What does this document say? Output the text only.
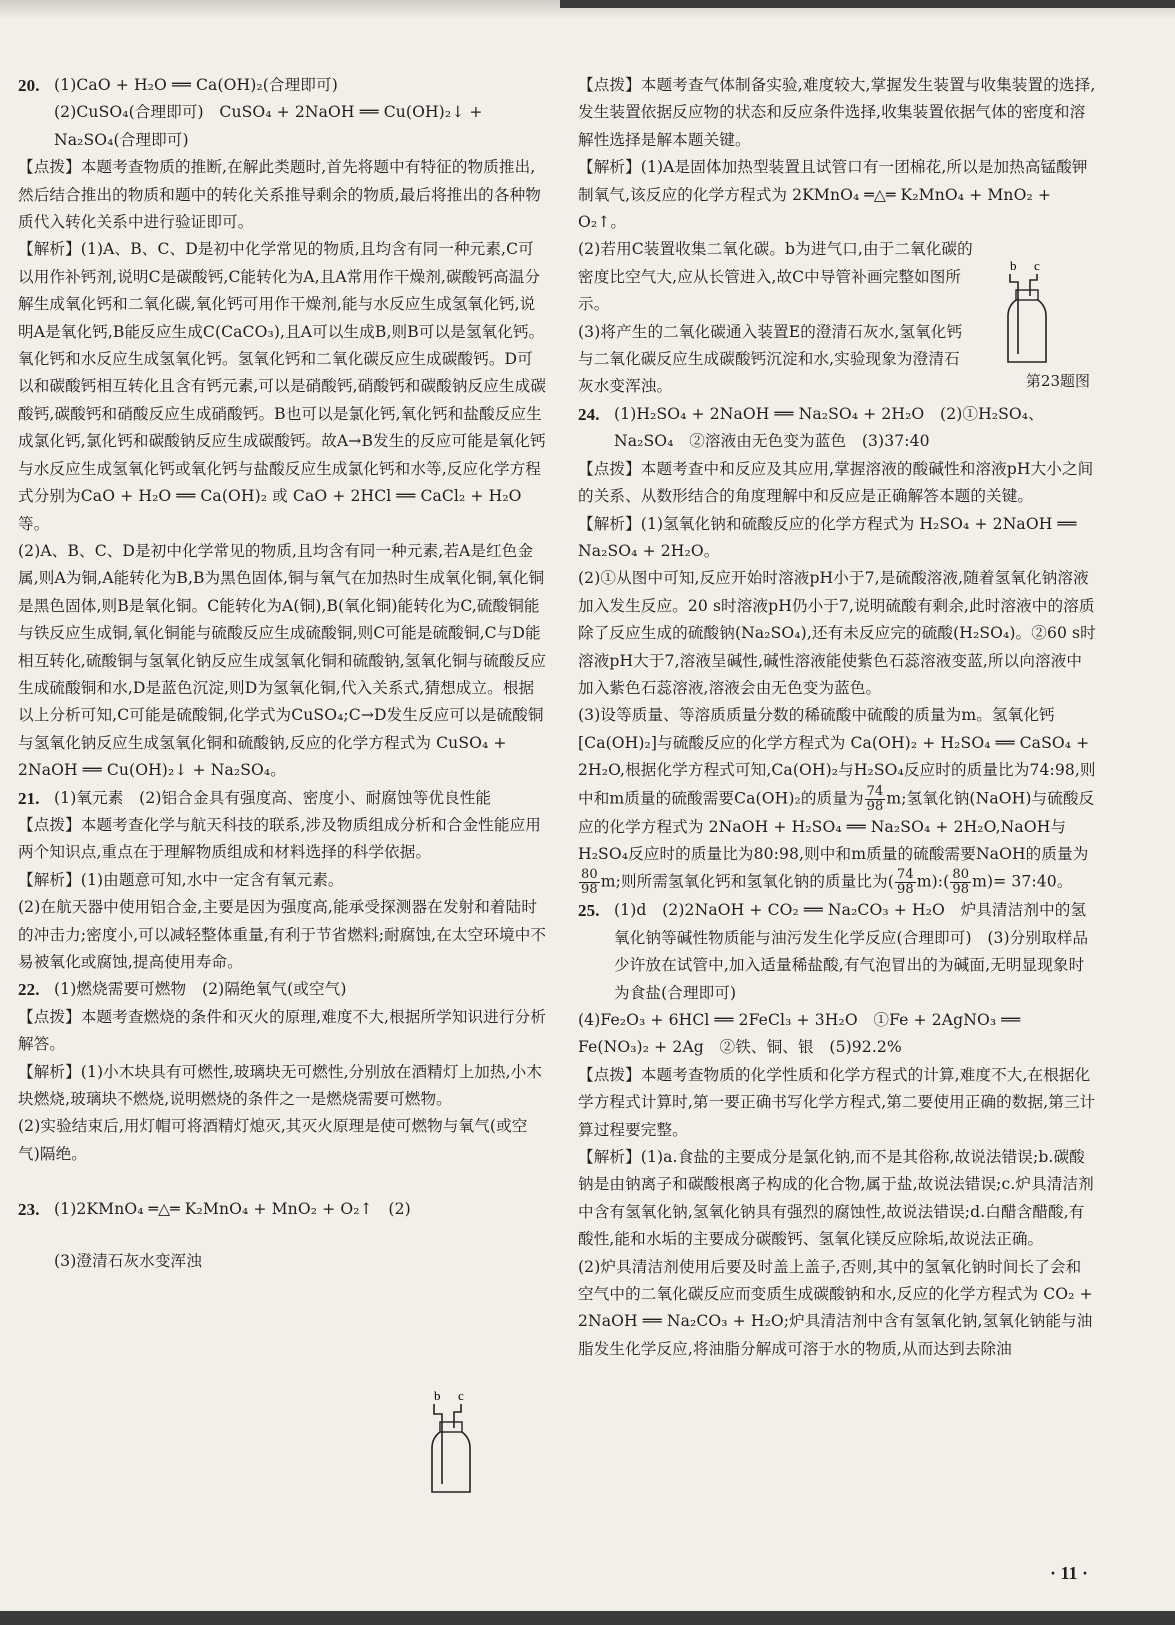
20. (1)CaO + H₂O ══ Ca(OH)₂(合理即可)

(2)CuSO₄(合理即可)　CuSO₄ + 2NaOH ══ Cu(OH)₂↓ + Na₂SO₄(合理即可)

【点拨】本题考查物质的推断,在解此类题时,首先将题中有特征的物质推出,然后结合推出的物质和题中的转化关系推导剩余的物质,最后将推出的各种物质代入转化关系中进行验证即可。

【解析】(1)A、B、C、D是初中化学常见的物质,且均含有同一种元素,C可以用作补钙剂,说明C是碳酸钙,C能转化为A,且A常用作干燥剂,碳酸钙高温分解生成氧化钙和二氧化碳,氧化钙可用作干燥剂,能与水反应生成氢氧化钙,说明A是氧化钙,B能反应生成C(CaCO₃),且A可以生成B,则B可以是氢氧化钙。氧化钙和水反应生成氢氧化钙。氢氧化钙和二氧化碳反应生成碳酸钙。D可以和碳酸钙相互转化且含有钙元素,可以是硝酸钙,硝酸钙和碳酸钠反应生成碳酸钙,碳酸钙和硝酸反应生成硝酸钙。B也可以是氯化钙,氧化钙和盐酸反应生成氯化钙,氯化钙和碳酸钠反应生成碳酸钙。故A→B发生的反应可能是氧化钙与水反应生成氢氧化钙或氧化钙与盐酸反应生成氯化钙和水等,反应化学方程式分别为CaO + H₂O ══ Ca(OH)₂ 或 CaO + 2HCl ══ CaCl₂ + H₂O等。

(2)A、B、C、D是初中化学常见的物质,且均含有同一种元素,若A是红色金属,则A为铜,A能转化为B,B为黑色固体,铜与氧气在加热时生成氧化铜,氧化铜是黑色固体,则B是氧化铜。C能转化为A(铜),B(氧化铜)能转化为C,硫酸铜能与铁反应生成铜,氧化铜能与硫酸反应生成硫酸铜,则C可能是硫酸铜,C与D能相互转化,硫酸铜与氢氧化钠反应生成氢氧化铜和硫酸钠,氢氧化铜与硫酸反应生成硫酸铜和水,D是蓝色沉淀,则D为氢氧化铜,代入关系式,猜想成立。根据以上分析可知,C可能是硫酸铜,化学式为CuSO₄;C→D发生反应可以是硫酸铜与氢氧化钠反应生成氢氧化铜和硫酸钠,反应的化学方程式为 CuSO₄ + 2NaOH ══ Cu(OH)₂↓ + Na₂SO₄。

21. (1)氧元素　(2)铝合金具有强度高、密度小、耐腐蚀等优良性能

【点拨】本题考查化学与航天科技的联系,涉及物质组成分析和合金性能应用两个知识点,重点在于理解物质组成和材料选择的科学依据。

【解析】(1)由题意可知,水中一定含有氧元素。

(2)在航天器中使用铝合金,主要是因为强度高,能承受探测器在发射和着陆时的冲击力;密度小,可以减轻整体重量,有利于节省燃料;耐腐蚀,在太空环境中不易被氧化或腐蚀,提高使用寿命。

22. (1)燃烧需要可燃物　(2)隔绝氧气(或空气)

【点拨】本题考查燃烧的条件和灭火的原理,难度不大,根据所学知识进行分析解答。

【解析】(1)小木块具有可燃性,玻璃块无可燃性,分别放在酒精灯上加热,小木块燃烧,玻璃块不燃烧,说明燃烧的条件之一是燃烧需要可燃物。

(2)实验结束后,用灯帽可将酒精灯熄灭,其灭火原理是使可燃物与氧气(或空气)隔绝。

23. (1)2KMnO₄ ═△═ K₂MnO₄ + MnO₂ + O₂↑　(2)

(3)澄清石灰水变浑浊

b c

【点拨】本题考查气体制备实验,难度较大,掌握发生装置与收集装置的选择,发生装置依据反应物的状态和反应条件选择,收集装置依据气体的密度和溶解性选择是解本题关键。

【解析】(1)A是固体加热型装置且试管口有一团棉花,所以是加热高锰酸钾制氧气,该反应的化学方程式为 2KMnO₄ ═△═ K₂MnO₄ + MnO₂ + O₂↑。

(2)若用C装置收集二氧化碳。b为进气口,由于二氧化碳的密度比空气大,应从长管进入,故C中导管补画完整如图所示。

(3)将产生的二氧化碳通入装置E的澄清石灰水,氢氧化钙与二氧化碳反应生成碳酸钙沉淀和水,实验现象为澄清石灰水变浑浊。

24. (1)H₂SO₄ + 2NaOH ══ Na₂SO₄ + 2H₂O　(2)①H₂SO₄、Na₂SO₄　②溶液由无色变为蓝色　(3)37:40

【点拨】本题考查中和反应及其应用,掌握溶液的酸碱性和溶液pH大小之间的关系、从数形结合的角度理解中和反应是正确解答本题的关键。

【解析】(1)氢氧化钠和硫酸反应的化学方程式为 H₂SO₄ + 2NaOH ══ Na₂SO₄ + 2H₂O。

(2)①从图中可知,反应开始时溶液pH小于7,是硫酸溶液,随着氢氧化钠溶液加入发生反应。20 s时溶液pH仍小于7,说明硫酸有剩余,此时溶液中的溶质除了反应生成的硫酸钠(Na₂SO₄),还有未反应完的硫酸(H₂SO₄)。②60 s时溶液pH大于7,溶液呈碱性,碱性溶液能使紫色石蕊溶液变蓝,所以向溶液中加入紫色石蕊溶液,溶液会由无色变为蓝色。

(3)设等质量、等溶质质量分数的稀硫酸中硫酸的质量为m。氢氧化钙[Ca(OH)₂]与硫酸反应的化学方程式为 Ca(OH)₂ + H₂SO₄ ══ CaSO₄ + 2H₂O,根据化学方程式可知,Ca(OH)₂与H₂SO₄反应时的质量比为74:98,则中和m质量的硫酸需要Ca(OH)₂的质量为 $\frac{74}{98} m$;氢氧化钠(NaOH)与硫酸反应的化学方程式为 2NaOH + H₂SO₄ ══ Na₂SO₄ + 2H₂O,NaOH与H₂SO₄反应时的质量比为80:98,则中和m质量的硫酸需要NaOH的质量为
$\frac{80}{98} m$;则所需氢氧化钙和氢氧化钠的质量比为( $\frac{74}{98}$ m):( $\frac{80}{98} m)=$ 37:40。

25. (1)d　(2)2NaOH + CO₂ ══ Na₂CO₃ + H₂O　炉具清洁剂中的氢氧化钠等碱性物质能与油污发生化学反应(合理即可)　(3)分别取样品少许放在试管中,加入适量稀盐酸,有气泡冒出的为碱面,无明显现象时为食盐(合理即可)

(4)Fe₂O₃ + 6HCl ══ 2FeCl₃ + 3H₂O　①Fe + 2AgNO₃ ══ Fe(NO₃)₂ + 2Ag　②铁、铜、银　(5)92.2%

【点拨】本题考查物质的化学性质和化学方程式的计算,难度不大,在根据化学方程式计算时,第一要正确书写化学方程式,第二要使用正确的数据,第三计算过程要完整。

【解析】(1)a.食盐的主要成分是氯化钠,而不是其俗称,故说法错误;b.碳酸钠是由钠离子和碳酸根离子构成的化合物,属于盐,故说法错误;c.炉具清洁剂中含有氢氧化钠,氢氧化钠具有强烈的腐蚀性,故说法错误;d.白醋含醋酸,有酸性,能和水垢的主要成分碳酸钙、氢氧化镁反应除垢,故说法正确。

(2)炉具清洁剂使用后要及时盖上盖子,否则,其中的氢氧化钠时间长了会和空气中的二氧化碳反应而变质生成碳酸钠和水,反应的化学方程式为 CO₂ + 2NaOH ══ Na₂CO₃ + H₂O;炉具清洁剂中含有氢氧化钠,氢氧化钠能与油脂发生化学反应,将油脂分解成可溶于水的物质,从而达到去除油

b c
第23题图
· 11 ·
